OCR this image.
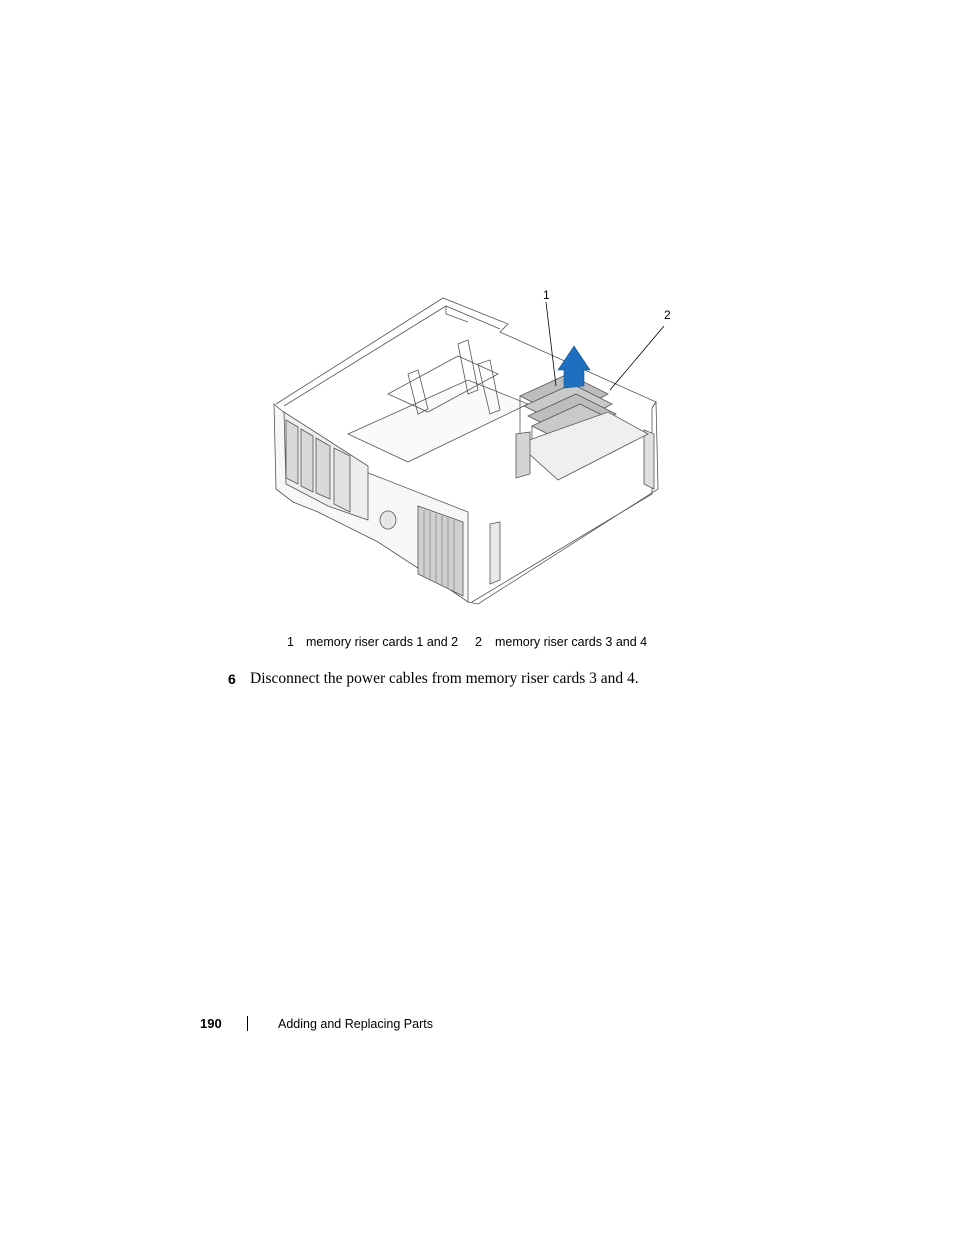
1
2
1 memory riser cards 1 and 2 2 memory riser cards 3 and 4
6 Disconnect the power cables from memory riser cards 3 and 4.
190	Adding and Replacing Parts
